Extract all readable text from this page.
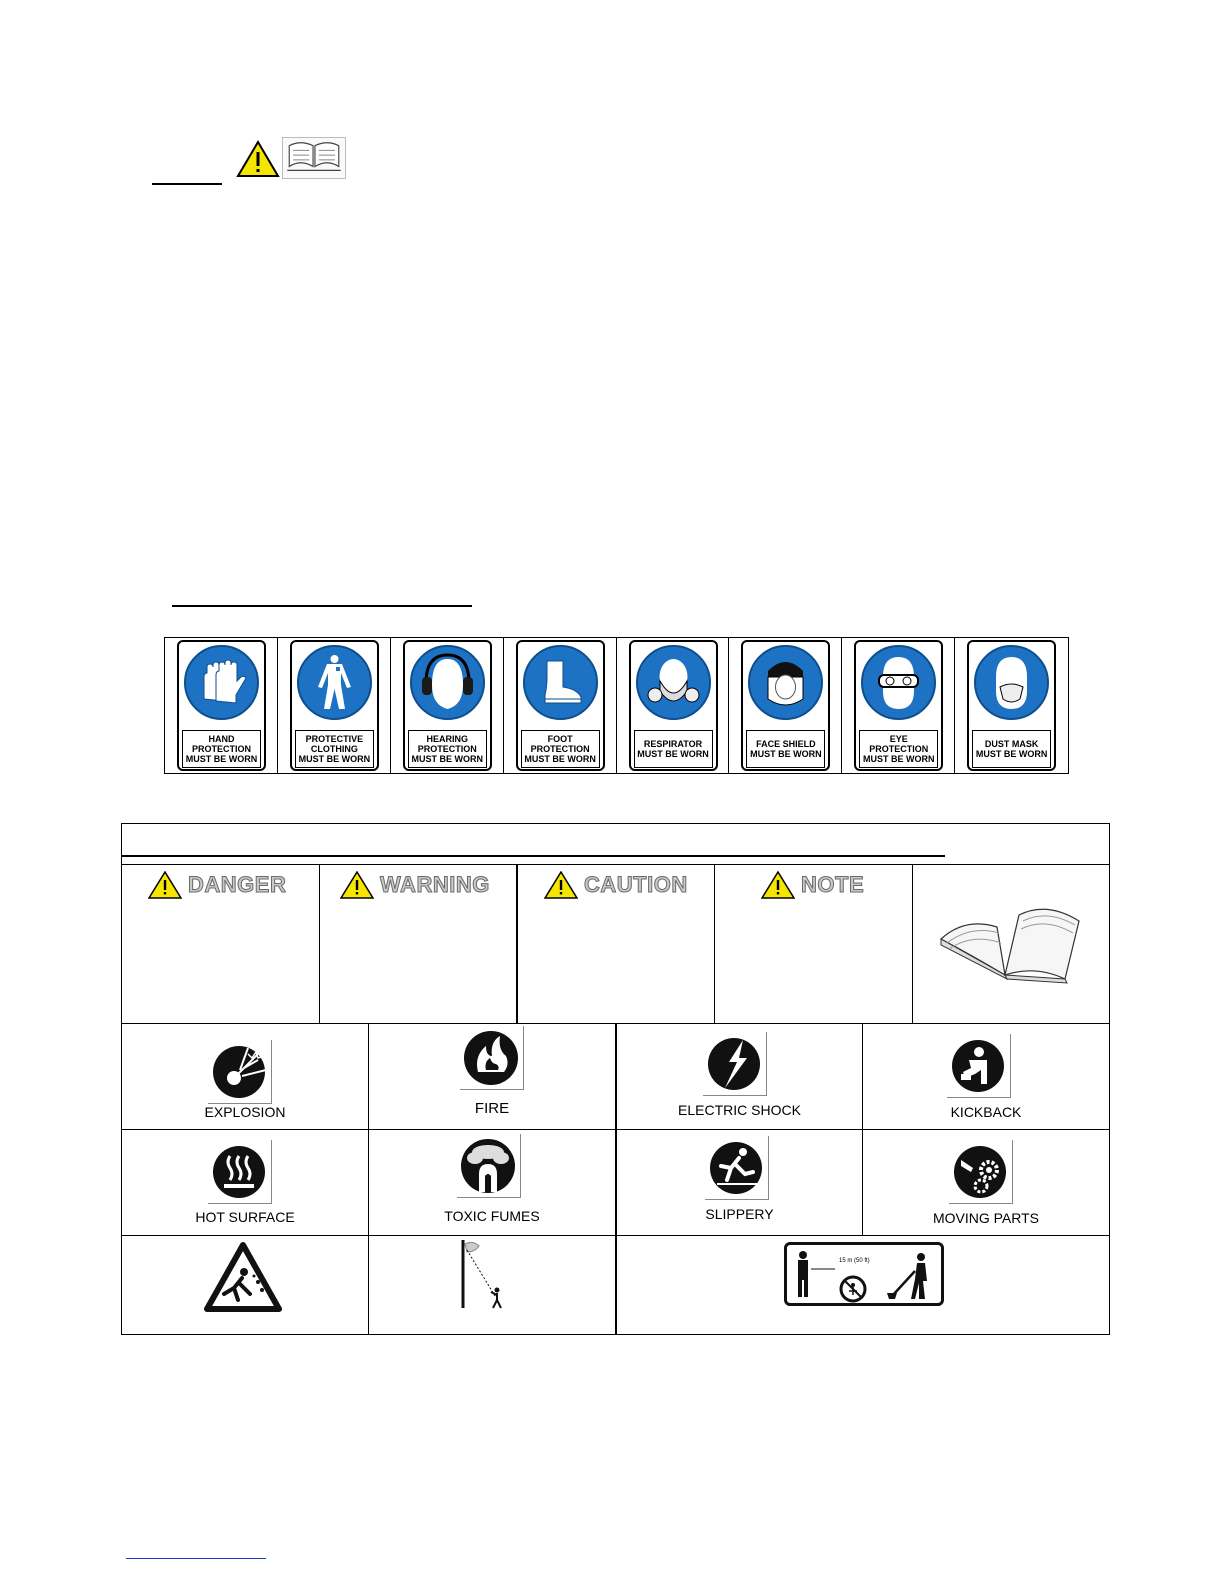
HAND
PROTECTION
MUST BE WORN
PROTECTIVE
CLOTHING
MUST BE WORN
HEARING
PROTECTION
MUST BE WORN
FOOT
PROTECTION
MUST BE WORN
RESPIRATOR
MUST BE WORN
FACE SHIELD
MUST BE WORN
EYE
PROTECTION
MUST BE WORN
DUST MASK
MUST BE WORN
DANGER	WARNING	CAUTION	NOTE
EXPLOSION	FIRE	ELECTRIC SHOCK	KICKBACK
HOT SURFACE	TOXIC FUMES	SLIPPERY	MOVING PARTS
15 m (50 ft)
